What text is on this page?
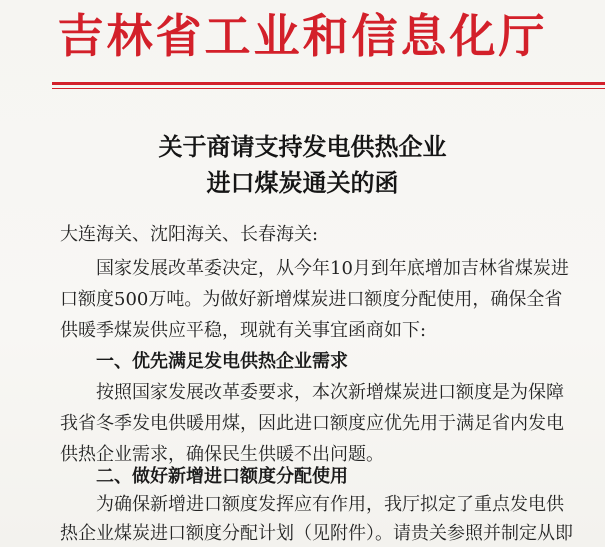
吉林省工业和信息化厅
关于商请支持发电供热企业
进口煤炭通关的函
大连海关、沈阳海关、长春海关:
国家发展改革委决定，从今年10月到年底增加吉林省煤炭进
口额度500万吨。为做好新增煤炭进口额度分配使用，确保全省
供暖季煤炭供应平稳，现就有关事宜函商如下:
一、优先满足发电供热企业需求
按照国家发展改革委要求，本次新增煤炭进口额度是为保障
我省冬季发电供暖用煤，因此进口额度应优先用于满足省内发电
供热企业需求，确保民生供暖不出问题。
二、做好新增进口额度分配使用
为确保新增进口额度发挥应有作用，我厅拟定了重点发电供
热企业煤炭进口额度分配计划（见附件）。请贵关参照并制定从即
